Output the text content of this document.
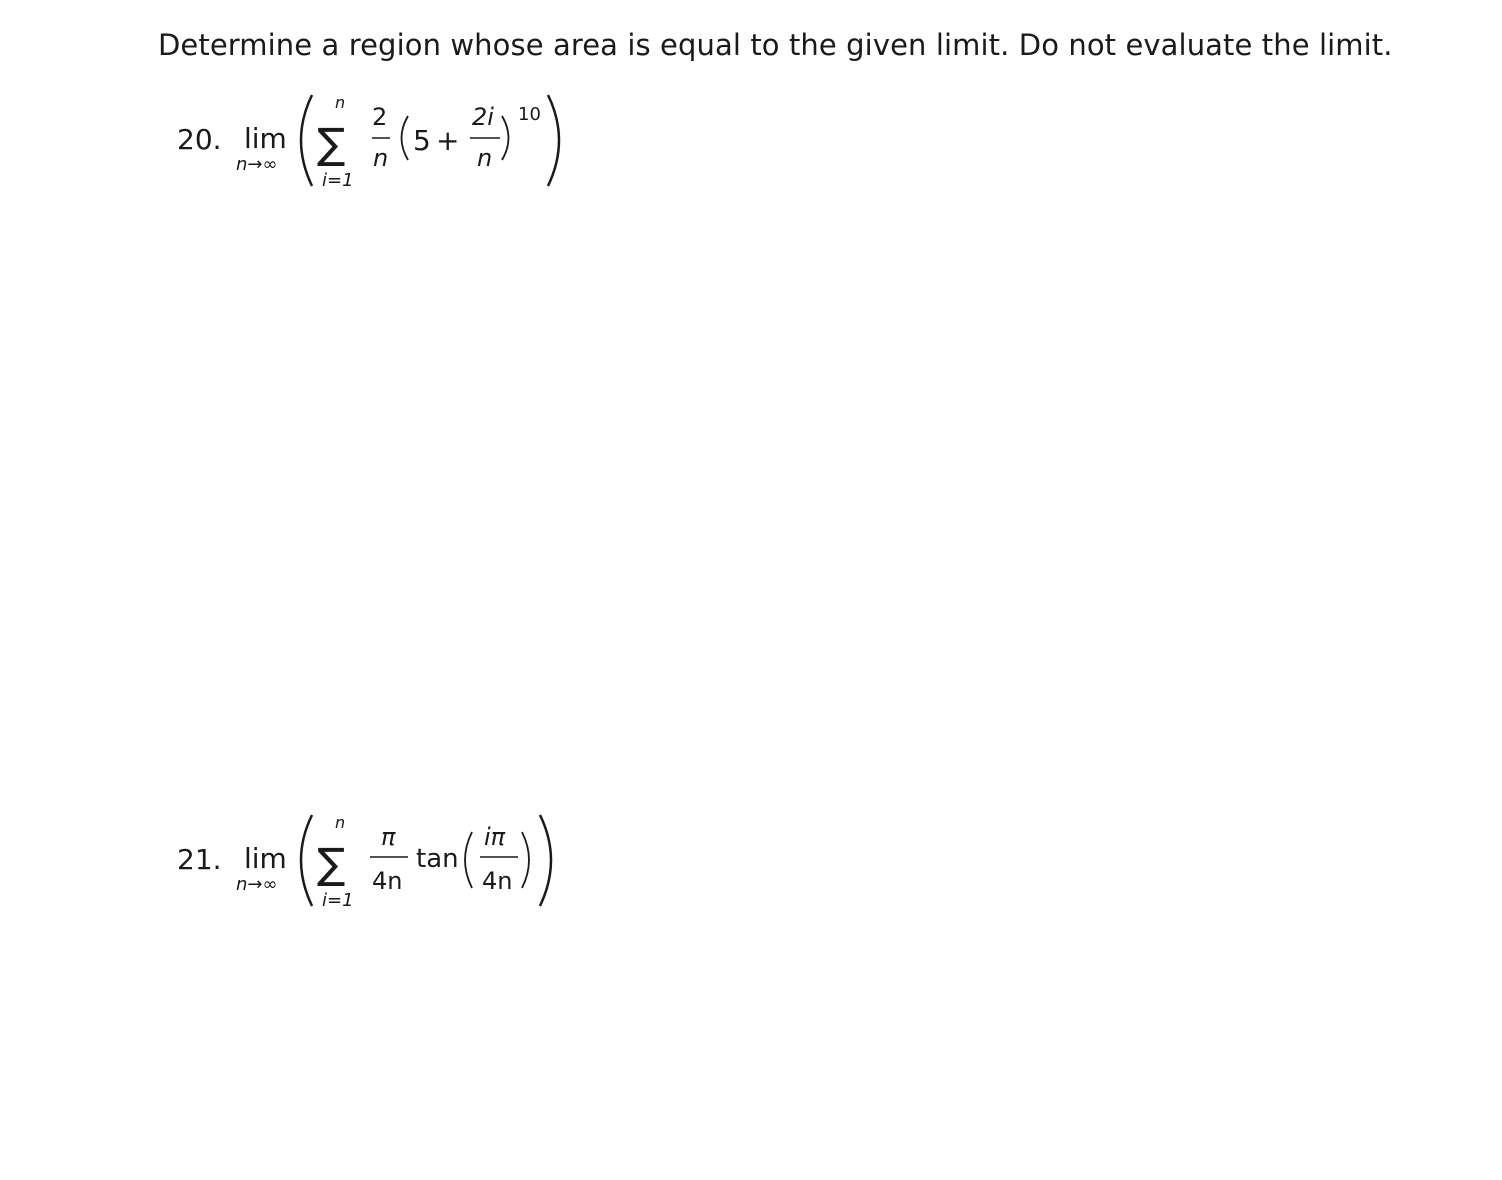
Determine a region whose area is equal to the given limit. Do not evaluate the limit.
20. lim
n→∞
n
∑
i=1
2
n
5 +
2i
n
10
21. lim
n→∞
n
∑
i=1
π
4n
tan
iπ
4n
